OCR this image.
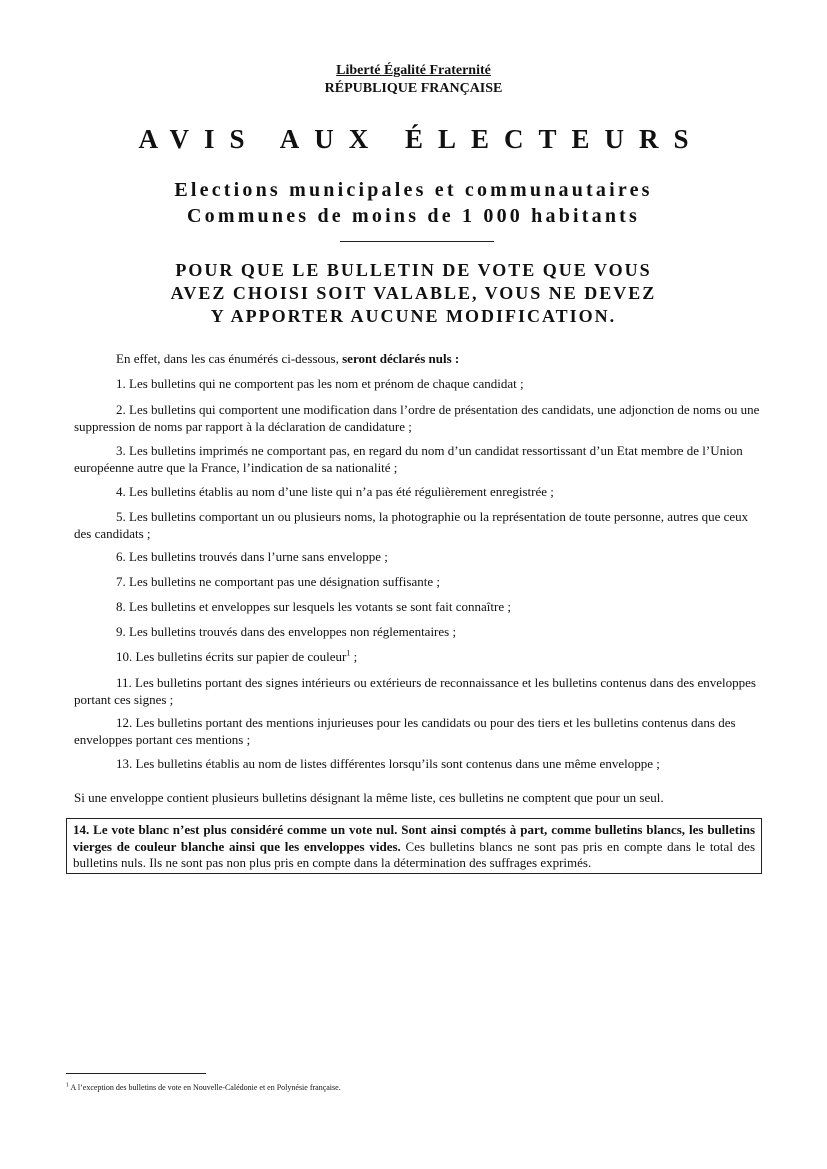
Liberté Égalité Fraternité
RÉPUBLIQUE FRANÇAISE
AVIS AUX ÉLECTEURS
Elections municipales et communautaires
Communes de moins de 1 000 habitants
POUR QUE LE BULLETIN DE VOTE QUE VOUS
AVEZ CHOISI SOIT VALABLE, VOUS NE DEVEZ
Y APPORTER AUCUNE MODIFICATION.
En effet, dans les cas énumérés ci-dessous, seront déclarés nuls :
1. Les bulletins qui ne comportent pas les nom et prénom de chaque candidat ;
2. Les bulletins qui comportent une modification dans l’ordre de présentation des candidats, une adjonction de noms ou une suppression de noms par rapport à la déclaration de candidature ;
3. Les bulletins imprimés ne comportant pas, en regard du nom d’un candidat ressortissant d’un Etat membre de l’Union européenne autre que la France, l’indication de sa nationalité ;
4. Les bulletins établis au nom d’une liste qui n’a pas été régulièrement enregistrée ;
5. Les bulletins comportant un ou plusieurs noms, la photographie ou la représentation de toute personne, autres que ceux des candidats ;
6. Les bulletins trouvés dans l’urne sans enveloppe ;
7. Les bulletins ne comportant pas une désignation suffisante ;
8. Les bulletins et enveloppes sur lesquels les votants se sont fait connaître ;
9. Les bulletins trouvés dans des enveloppes non réglementaires ;
10. Les bulletins écrits sur papier de couleur$^1$ ;
11. Les bulletins portant des signes intérieurs ou extérieurs de reconnaissance et les bulletins contenus dans des enveloppes portant ces signes ;
12. Les bulletins portant des mentions injurieuses pour les candidats ou pour des tiers et les bulletins contenus dans des enveloppes portant ces mentions ;
13. Les bulletins établis au nom de listes différentes lorsqu’ils sont contenus dans une même enveloppe ;
Si une enveloppe contient plusieurs bulletins désignant la même liste, ces bulletins ne comptent que pour un seul.
14. Le vote blanc n’est plus considéré comme un vote nul. Sont ainsi comptés à part, comme bulletins blancs, les bulletins vierges de couleur blanche ainsi que les enveloppes vides. Ces bulletins blancs ne sont pas pris en compte dans le total des bulletins nuls. Ils ne sont pas non plus pris en compte dans la détermination des suffrages exprimés.
$^1$ A l’exception des bulletins de vote en Nouvelle-Calédonie et en Polynésie française.
